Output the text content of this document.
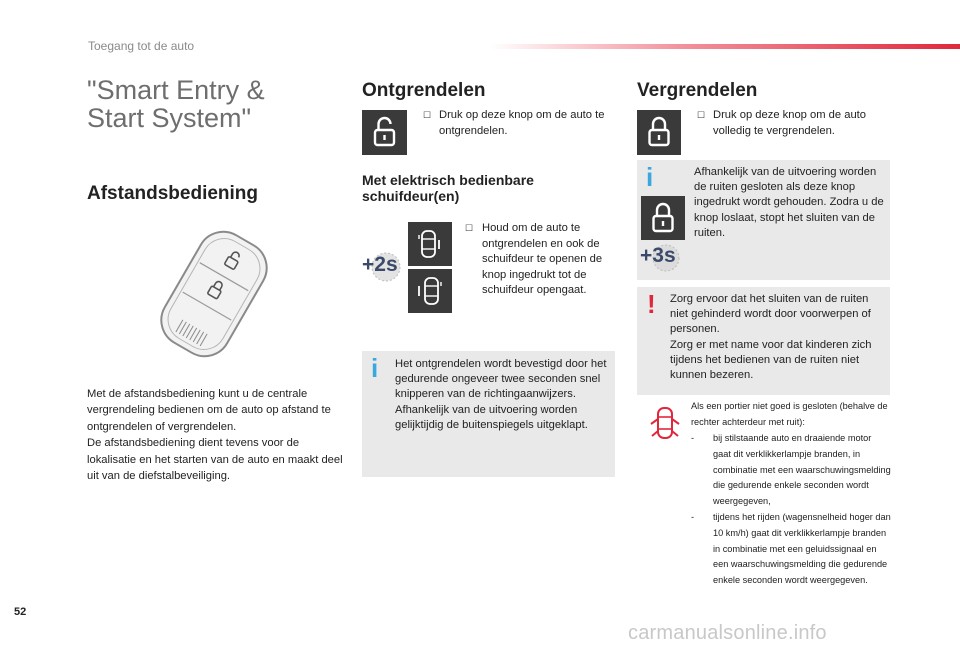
Toegang tot de auto
"Smart Entry &
Start System"
Afstandsbediening
Met de afstandsbediening kunt u de centrale vergrendeling bedienen om de auto op afstand te ontgrendelen of vergrendelen.
De afstandsbediening dient tevens voor de lokalisatie en het starten van de auto en maakt deel uit van de diefstalbeveiliging.
Ontgrendelen
☐ Druk op deze knop om de auto te ontgrendelen.
Met elektrisch bedienbare
schuifdeur(en)
+2s
☐ Houd om de auto te ontgrendelen en ook de schuifdeur te openen de knop ingedrukt tot de schuifdeur opengaat.
i Het ontgrendelen wordt bevestigd door het gedurende ongeveer twee seconden snel knipperen van de richtingaanwijzers.
Afhankelijk van de uitvoering worden gelijktijdig de buitenspiegels uitgeklapt.
Vergrendelen
☐ Druk op deze knop om de auto volledig te vergrendelen.
i
+3s
Afhankelijk van de uitvoering worden de ruiten gesloten als deze knop ingedrukt wordt gehouden. Zodra u de knop loslaat, stopt het sluiten van de ruiten.
! Zorg ervoor dat het sluiten van de ruiten niet gehinderd wordt door voorwerpen of personen.
Zorg er met name voor dat kinderen zich tijdens het bedienen van de ruiten niet kunnen bezeren.
Als een portier niet goed is gesloten (behalve de rechter achterdeur met ruit):
- bij stilstaande auto en draaiende motor gaat dit verklikkerlampje branden, in combinatie met een waarschuwingsmelding die gedurende enkele seconden wordt weergegeven,
- tijdens het rijden (wagensnelheid hoger dan 10 km/h) gaat dit verklikkerlampje branden in combinatie met een geluidssignaal en een waarschuwingsmelding die gedurende enkele seconden wordt weergegeven.
52
carmanualsonline.info
